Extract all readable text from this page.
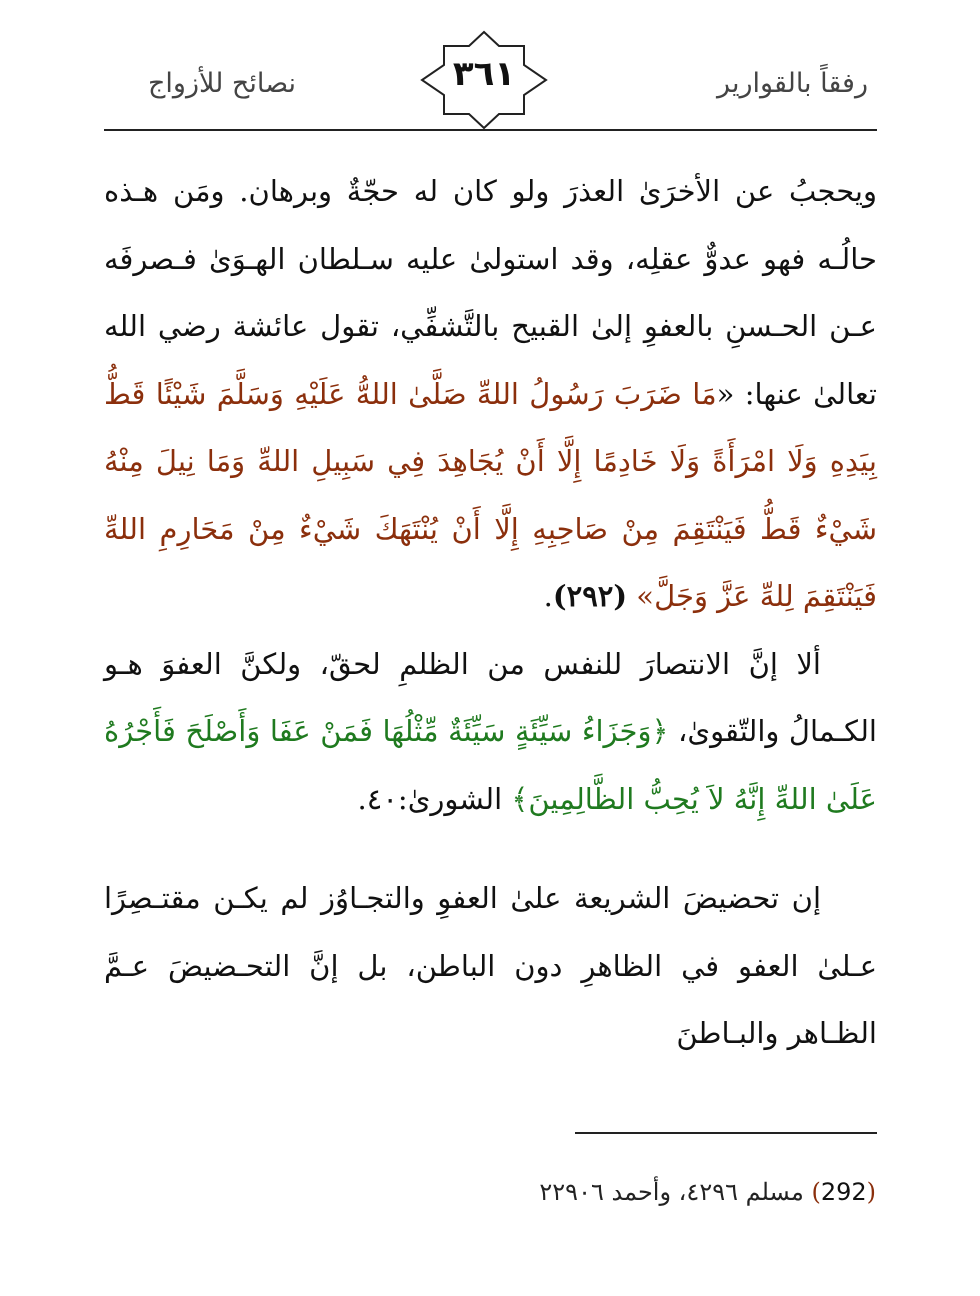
رفقاً بالقوارير
نصائح للأزواج	٣٦١

ويحجبُ عن الأخرَىٰ العذرَ ولو كان له حجّةٌ وبرهان. ومَن هـذه حالُـه فهو عدوٌّ عقلِه، وقد استولىٰ عليه سـلطان الهـوَىٰ فـصرفَه عـن الحـسنِ بالعفوِ إلىٰ القبيح بالتَّشفِّي، تقول عائشة رضي الله تعالىٰ عنها: «مَا ضَرَبَ رَسُولُ اللهِّ صَلَّىٰ اللهُّ عَلَيْهِ وَسَلَّمَ شَيْئًا قَطُّ بِيَدِهِ وَلَا امْرَأَةً وَلَا خَادِمًا إِلَّا أَنْ يُجَاهِدَ فِي سَبِيلِ اللهِّ وَمَا نِيلَ مِنْهُ شَيْءٌ قَطُّ فَيَنْتَقِمَ مِنْ صَاحِبِهِ إِلَّا أَنْ يُنْتَهَكَ شَيْءٌ مِنْ مَحَارِمِ اللهِّ فَيَنْتَقِمَ لِلهِّ عَزَّ وَجَلَّ» (٢٩٢).

ألا إنَّ الانتصارَ للنفس من الظلمِ لحقّ، ولكنَّ العفوَ هـو الكـمالُ والتّقوىٰ، ﴿وَجَزَاءُ سَيِّئَةٍ سَيِّئَةٌ مِّثْلُهَا فَمَنْ عَفَا وَأَصْلَحَ فَأَجْرُهُ عَلَىٰ اللهِّ إِنَّهُ لاَ يُحِبُّ الظَّالِمِينَ﴾ الشورىٰ:٤٠.

إن تحضيضَ الشريعة علىٰ العفوِ والتجـاوُز لم يكـن مقتـصِرًا عـلىٰ العفو في الظاهرِ دون الباطن، بل إنَّ التحـضيضَ عـمَّ الظـاهر والبـاطنَ

(292) مسلم ٤٢٩٦، وأحمد ٢٢٩٠٦
